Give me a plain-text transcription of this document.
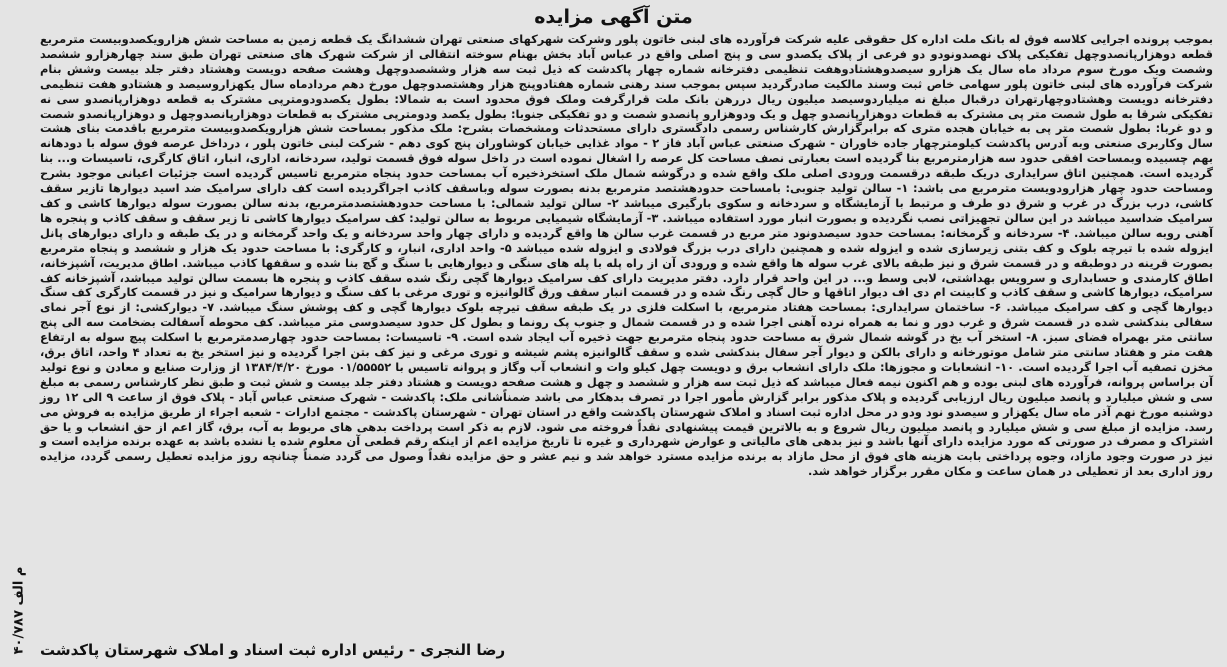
متن آگهی مزایده

بموجب پرونده اجرایی کلاسه فوق له بانک ملت اداره کل حقوقی علیه شرکت فرآورده های لبنی خاتون پلور وشرکت شهرکهای صنعتی تهران ششدانگ یک قطعه زمین به مساحت شش هزارویکصدوبیست مترمربع قطعه دوهزارپانصدوچهل تفکیکی پلاک نهصدونودو دو فرعی از پلاک یکصدو سی و پنج اصلی واقع در عباس آباد بخش بهنام سوخته انتقالی از شرکت شهرک های صنعتی تهران طبق سند چهارهزارو ششصد وشصت ویک مورخ سوم مرداد ماه سال یک هزارو سیصدوهشتادوهفت تنظیمی دفترخانه شماره چهار پاکدشت که ذیل ثبت سه هزار وششصدوچهل وهشت صفحه دویست وهشتاد دفتر جلد بیست وشش بنام شرکت فرآورده های لبنی خاتون پلور سهامی خاص ثبت وسند مالکیت صادرگردید سپس بموجب سند رهنی شماره هفتادوپنج هزار وهشتصدوچهل مورخ دهم مردادماه سال یکهزاروسیصد و هشتادو هفت تنظیمی دفترخانه دویست وهشتادوچهارتهران درقبال مبلغ نه میلیاردوسیصد میلیون ریال دررهن بانک ملت قرارگرفت وملک فوق محدود است به شمالا: بطول یکصدودومترپی مشترک به قطعه دوهزارپانصدو سی نه تفکیکی شرقا به طول شصت متر پی مشترک به قطعات دوهزارپانصدو چهل و یک ودوهزارو پانصدو شصت و دو تفکیکی جنوبا: بطول یکصد ودومترپی مشترک به قطعات دوهزارپانصدوچهل و دوهزارپانصدو شصت و دو غربا: بطول شصت متر پی به خیابان هجده متری که برابرگزارش کارشناس رسمی دادگستری دارای مستحدثات ومشخصات بشرح: ملک مذکور بمساحت شش هزارویکصدوبیست مترمربع باقدمت بنای هشت سال وکاربری صنعتی وبه آدرس پاکدشت کیلومترچهار جاده خاوران - شهرک صنعتی عباس آباد فاز ۲ - مواد غذایی خیابان کوشاوران پنج کوی دهم - شرکت لبنی خاتون پلور ، درداخل عرصه فوق سوله با دودهانه بهم چسبیده وبمساحت افقی حدود سه هزارمترمربع بنا گردیده است بعبارتی نصف مساحت کل عرصه را اشغال نموده است در داخل سوله فوق قسمت تولید، سردخانه، اداری، انبار، اتاق کارگری، تاسیسات و... بنا گردیده است. همچنین اتاق سرایداری دریک طبقه درقسمت ورودی اصلی ملک واقع شده و درگوشه شمال ملک استخرذخیره آب بمساحت حدود پنجاه مترمربع تاسیس گردیده است جزئیات اعیانی موجود بشرح ومساحت حدود چهار هزارودویست مترمربع می باشد: ۱- سالن تولید جنوبی: بامساحت حدودهشتصد مترمربع بدنه بصورت سوله وباسقف کاذب اجراگردیده است کف دارای سرامیک ضد اسید دیوارها تازیر سقف کاشی، درب بزرگ در غرب و شرق دو طرف و مرتبط با آزمایشگاه و سردخانه و سکوی بارگیری میباشد ۲- سالن تولید شمالی: با مساحت حدودهشتصدمترمربع، بدنه سالن بصورت سوله دیوارها کاشی و کف سرامیک ضداسید میباشد در این سالن تجهیزاتی نصب نگردیده و بصورت انبار مورد استفاده میباشد. ۳- آزمایشگاه شیمیایی مربوط به سالن تولید: کف سرامیک دیوارها کاشی تا زیر سقف و سقف کاذب و پنجره ها آهنی روبه سالن میباشد. ۴- سردخانه و گرمخانه: بمساحت حدود سیصدونود متر مربع در قسمت غرب سالن ها واقع گردیده و دارای چهار واحد سردخانه و یک واحد گرمخانه و در یک طبقه و دارای دیوارهای پانل ایزوله شده با تیرچه بلوک و کف بتنی زیرسازی شده و ایزوله شده و همچنین دارای درب بزرگ فولادی و ایزوله شده میباشد ۵- واحد اداری، انبار، و کارگری: با مساحت حدود یک هزار و ششصد و پنجاه مترمربع بصورت قرینه در دوطبقه و در قسمت شرق و نیز طبقه بالای غرب سوله ها واقع شده و ورودی آن از راه پله با پله های سنگی و دیوارهایی با سنگ و گچ بنا شده و سقفها کاذب میباشد. اطاق مدیریت، آشپزخانه، اطاق کارمندی و حسابداری و سرویس بهداشتی، لابی وسط و... در این واحد قرار دارد. دفتر مدیریت دارای کف سرامیک دیوارها گچی رنگ شده سقف کاذب و پنجره ها بسمت سالن تولید میباشد، آشپزخانه کف سرامیک، دیوارها کاشی و سقف کاذب و کابینت ام دی اف دیوار اتاقها و حال گچی رنگ شده و در قسمت انبار سقف ورق گالوانیزه و توری مرغی با کف سنگ و دیوارها سرامیک و نیز در قسمت کارگری کف سنگ دیوارها گچی و کف سرامیک میباشد. ۶- ساختمان سرایداری: بمساحت هفتاد مترمربع، با اسکلت فلزی در یک طبقه سقف تیرچه بلوک دیوارها گچی و کف پوشش سنگ میباشد. ۷- دیوارکشی: از نوع آجر نمای سفالی بندکشی شده در قسمت شرق و غرب دور و نما به همراه نرده آهنی اجرا شده و در قسمت شمال و جنوب پک رونما و بطول کل حدود سیصدوسی متر میباشد. کف محوطه آسفالت بضخامت سه الی پنج سانتی متر بهمراه فضای سبز. ۸- استخر آب یخ در گوشه شمال شرق به مساحت حدود پنجاه مترمربع جهت ذخیره آب ایجاد شده است. ۹- تاسیسات: بمساحت حدود چهارصدمترمربع با اسکلت پیچ سوله به ارتفاع هفت متر و هفتاد سانتی متر شامل موتورخانه و دارای بالکن و دیوار آجر سفال بندکشی شده و سقف گالوانیزه پشم شیشه و توری مرغی و نیز کف بتن اجرا گردیده و نیز استخر یخ به تعداد ۴ واحد، اتاق برق، مخزن تصفیه آب اجرا گردیده است. ۱۰- انشعابات و مجوزها: ملک دارای انشعاب برق و دویست چهل کیلو وات و انشعاب آب وگاز و پروانه تاسیس با ۰۱/۵۵۵۵۲ مورخ ۱۳۸۴/۴/۲۰ از وزارت صنایع و معادن و نوع تولید آن براساس پروانه، فرآورده های لبنی بوده و هم اکنون نیمه فعال میباشد که ذیل ثبت سه هزار و ششصد و چهل و هشت صفحه دویست و هشتاد دفتر جلد بیست و شش ثبت و طبق نظر کارشناس رسمی به مبلغ سی و شش میلیارد و پانصد میلیون ریال ارزیابی گردیده و پلاک مذکور برابر گزارش مأمور اجرا در تصرف بدهکار می باشد ضمناًشانی ملک: پاکدشت - شهرک صنعتی عباس آباد - پلاک فوق از ساعت ۹ الی ۱۲ روز دوشنبه مورخ نهم آذر ماه سال یکهزار و سیصدو نود ودو در محل اداره ثبت اسناد و املاک شهرستان پاکدشت واقع در استان تهران - شهرستان پاکدشت - مجتمع ادارات - شعبه اجراء از طریق مزایده به فروش می رسد. مزایده از مبلغ سی و شش میلیارد و پانصد میلیون ریال شروع و به بالاترین قیمت پیشنهادی نقداً فروخته می شود. لازم به ذکر است پرداخت بدهی های مربوط به آب، برق، گاز اعم از حق انشعاب و یا حق اشتراک و مصرف در صورتی که مورد مزایده دارای آنها باشد و نیز بدهی های مالیاتی و عوارض شهرداری و غیره تا تاریخ مزایده اعم از اینکه رقم قطعی آن معلوم شده یا نشده باشد به عهده برنده مزایده است و نیز در صورت وجود مازاد، وجوه پرداختی بابت هزینه های فوق از محل مازاد به برنده مزایده مسترد خواهد شد و نیم عشر و حق مزایده نقداً وصول می گردد ضمناً چنانچه روز مزایده تعطیل رسمی گردد، مزایده روز اداری بعد از تعطیلی در همان ساعت و مکان مقرر برگزار خواهد شد.

رضا النجری - رئیس اداره ثبت اسناد و املاک شهرستان پاکدشت
۴۰/۷۸۷ م الف
